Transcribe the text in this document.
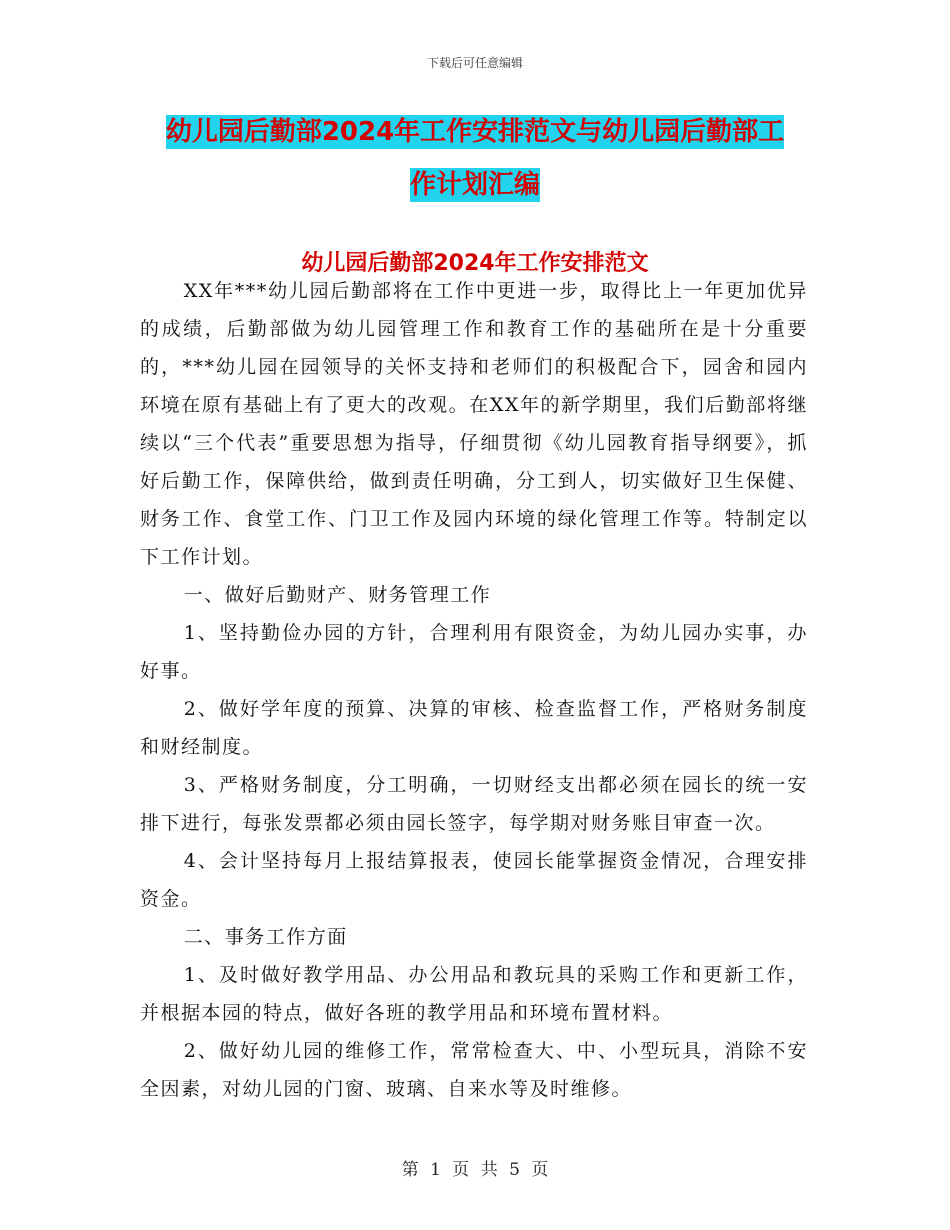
下载后可任意编辑
幼儿园后勤部2024年工作安排范文与幼儿园后勤部工
作计划汇编
幼儿园后勤部2024年工作安排范文

XX年***幼儿园后勤部将在工作中更进一步，取得比上一年更加优异的成绩，后勤部做为幼儿园管理工作和教育工作的基础所在是十分重要的，***幼儿园在园领导的关怀支持和老师们的积极配合下，园舍和园内环境在原有基础上有了更大的改观。在XX年的新学期里，我们后勤部将继续以“三个代表”重要思想为指导，仔细贯彻《幼儿园教育指导纲要》，抓好后勤工作，保障供给，做到责任明确，分工到人，切实做好卫生保健、财务工作、食堂工作、门卫工作及园内环境的绿化管理工作等。特制定以下工作计划。

一、做好后勤财产、财务管理工作

1、坚持勤俭办园的方针，合理利用有限资金，为幼儿园办实事，办好事。

2、做好学年度的预算、决算的审核、检查监督工作，严格财务制度和财经制度。

3、严格财务制度，分工明确，一切财经支出都必须在园长的统一安排下进行，每张发票都必须由园长签字，每学期对财务账目审查一次。

4、会计坚持每月上报结算报表，使园长能掌握资金情况，合理安排资金。

二、事务工作方面

1、及时做好教学用品、办公用品和教玩具的采购工作和更新工作，并根据本园的特点，做好各班的教学用品和环境布置材料。

2、做好幼儿园的维修工作，常常检查大、中、小型玩具，消除不安全因素，对幼儿园的门窗、玻璃、自来水等及时维修。

第 1 页 共 5 页
